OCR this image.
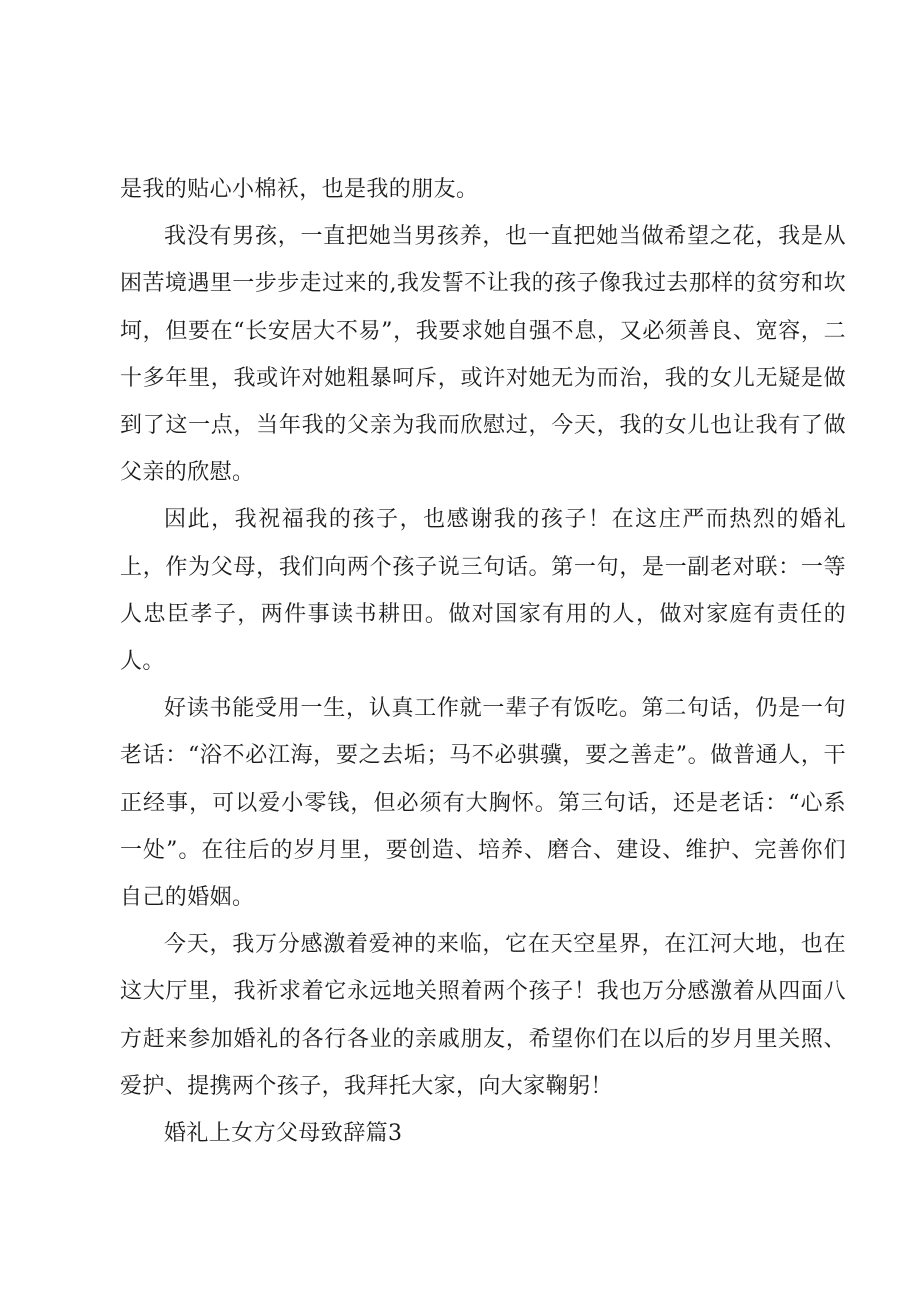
是我的贴心小棉袄，也是我的朋友。

我没有男孩，一直把她当男孩养，也一直把她当做希望之花，我是从困苦境遇里一步步走过来的,我发誓不让我的孩子像我过去那样的贫穷和坎坷，但要在“长安居大不易”，我要求她自强不息，又必须善良、宽容，二十多年里，我或许对她粗暴呵斥，或许对她无为而治，我的女儿无疑是做到了这一点，当年我的父亲为我而欣慰过，今天，我的女儿也让我有了做父亲的欣慰。

因此，我祝福我的孩子，也感谢我的孩子！在这庄严而热烈的婚礼上，作为父母，我们向两个孩子说三句话。第一句，是一副老对联：一等人忠臣孝子，两件事读书耕田。做对国家有用的人，做对家庭有责任的人。

好读书能受用一生，认真工作就一辈子有饭吃。第二句话，仍是一句老话：“浴不必江海，要之去垢；马不必骐骥，要之善走”。做普通人，干正经事，可以爱小零钱，但必须有大胸怀。第三句话，还是老话：“心系一处”。在往后的岁月里，要创造、培养、磨合、建设、维护、完善你们自己的婚姻。

今天，我万分感激着爱神的来临，它在天空星界，在江河大地，也在这大厅里，我祈求着它永远地关照着两个孩子！我也万分感激着从四面八方赶来参加婚礼的各行各业的亲戚朋友，希望你们在以后的岁月里关照、爱护、提携两个孩子，我拜托大家，向大家鞠躬！

婚礼上女方父母致辞篇3
